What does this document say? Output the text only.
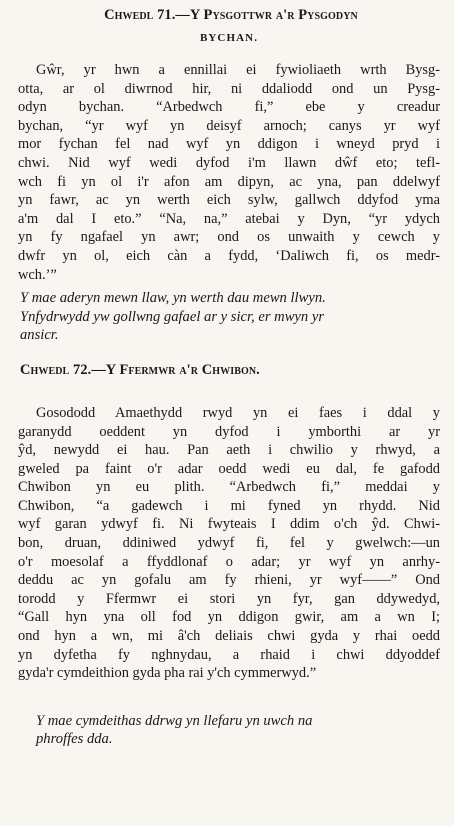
Chwedl 71.—Y Pysgottwr a'r Pysgodyn
BYCHAN.
Gŵr, yr hwn a ennillai ei fywioliaeth wrth Bysg-
otta, ar ol diwrnod hir, ni ddaliodd ond un Pysg-
odyn bychan. “Arbedwch fi,” ebe y creadur
bychan, “yr wyf yn deisyf arnoch; canys yr wyf
mor fychan fel nad wyf yn ddigon i wneyd pryd i
chwi. Nid wyf wedi dyfod i'm llawn dŵf eto; tefl-
wch fi yn ol i'r afon am dipyn, ac yna, pan ddelwyf
yn fawr, ac yn werth eich sylw, gallwch ddyfod yma
a'm dal I eto.” “Na, na,” atebai y Dyn, “yr ydych
yn fy ngafael yn awr; ond os unwaith y cewch y
dwfr yn ol, eich càn a fydd, ‘Daliwch fi, os medr-
wch.’”
Y mae aderyn mewn llaw, yn werth dau mewn llwyn.
Ynfydrwydd yw gollwng gafael ar y sicr, er mwyn yr
ansicr.
Chwedl 72.—Y Ffermwr a'r Chwibon.
Gosododd Amaethydd rwyd yn ei faes i ddal y
garanydd oeddent yn dyfod i ymborthi ar yr
ŷd, newydd ei hau. Pan aeth i chwilio y rhwyd, a
gweled pa faint o'r adar oedd wedi eu dal, fe gafodd
Chwibon yn eu plith. “Arbedwch fi,” meddai y
Chwibon, “a gadewch i mi fyned yn rhydd. Nid
wyf garan ydwyf fi. Ni fwyteais I ddim o'ch ŷd. Chwi-
bon, druan, ddiniwed ydwyf fi, fel y gwelwch:—un
o'r moesolaf a ffyddlonaf o adar; yr wyf yn anrhy-
deddu ac yn gofalu am fy rhieni, yr wyf——” Ond
torodd y Ffermwr ei stori yn fyr, gan ddywedyd,
“Gall hyn yna oll fod yn ddigon gwir, am a wn I;
ond hyn a wn, mi â'ch deliais chwi gyda y rhai oedd
yn dyfetha fy nghnydau, a rhaid i chwi ddyoddef
gyda'r cymdeithion gyda pha rai y'ch cymmerwyd.”
Y mae cymdeithas ddrwg yn llefaru yn uwch na
phroffes dda.
